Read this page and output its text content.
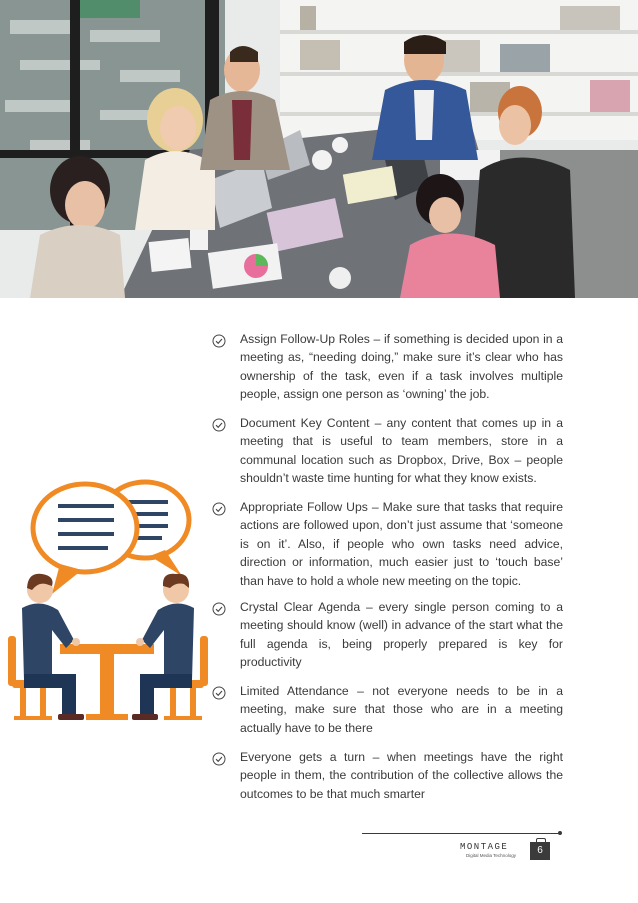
Assign Follow-Up Roles – if something is decided upon in a meeting as, “needing doing,” make sure it’s clear who has ownership of the task, even if a task involves multiple people, assign one person as ‘owning’ the job.
Document Key Content – any content that comes up in a meeting that is useful to team members, store in a communal location such as Dropbox, Drive, Box – people shouldn’t waste time hunting for what they know exists.
Appropriate Follow Ups – Make sure that tasks that require actions are followed upon, don’t just assume that ‘someone is on it’. Also, if people who own tasks need advice, direction or information, much easier just to ‘touch base’ than have to hold a whole new meeting on the topic.
Crystal Clear Agenda – every single person coming to a meeting should know (well) in advance of the start what the full agenda is, being properly prepared is key for productivity
Limited Attendance – not everyone needs to be in a meeting, make sure that those who are in a meeting actually have to be there
Everyone gets a turn – when meetings have the right people in them, the contribution of the collective allows the outcomes to be that much smarter
MONTAGE
Digital Media Technology	6
